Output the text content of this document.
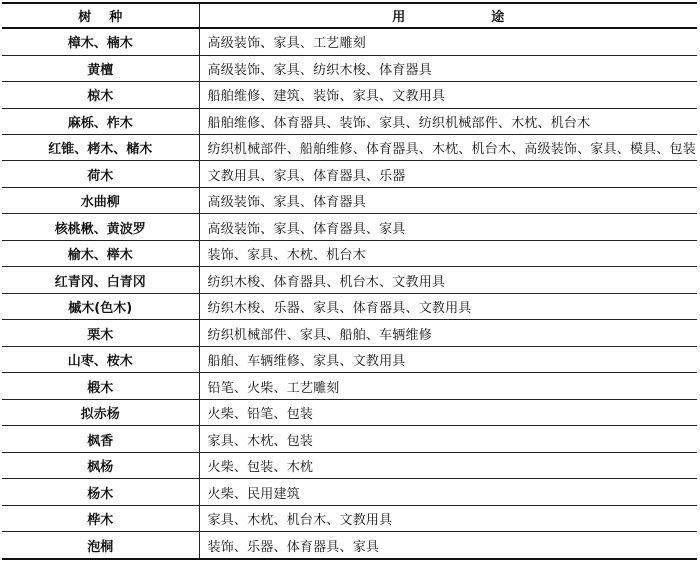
树种	用途
樟木、楠木	高级装饰、家具、工艺雕刻
黄檀	高级装饰、家具、纺织木梭、体育器具
椋木	船舶维修、建筑、装饰、家具、文教用具
麻栎、柞木	船舶维修、体育器具、装饰、家具、纺织机械部件、木枕、机台木
红锥、栲木、槠木	纺织机械部件、船舶维修、体育器具、木枕、机台木、高级装饰、家具、模具、包装
荷木	文教用具、家具、体育器具、乐器
水曲柳	高级装饰、家具、体育器具
核桃楸、黄波罗	高级装饰、家具、体育器具、家具
榆木、榉木	装饰、家具、木枕、机台木
红青冈、白青冈	纺织木梭、体育器具、机台木、文教用具
槭木(色木)	纺织木梭、乐器、家具、体育器具、文教用具
栗木	纺织机械部件、家具、船舶、车辆维修
山枣、桉木	船舶、车辆维修、家具、文教用具
椴木	铅笔、火柴、工艺雕刻
拟赤杨	火柴、铅笔、包装
枫香	家具、木枕、包装
枫杨	火柴、包装、木枕
杨木	火柴、民用建筑
桦木	家具、木枕、机台木、文教用具
泡桐	装饰、乐器、体育器具、家具
